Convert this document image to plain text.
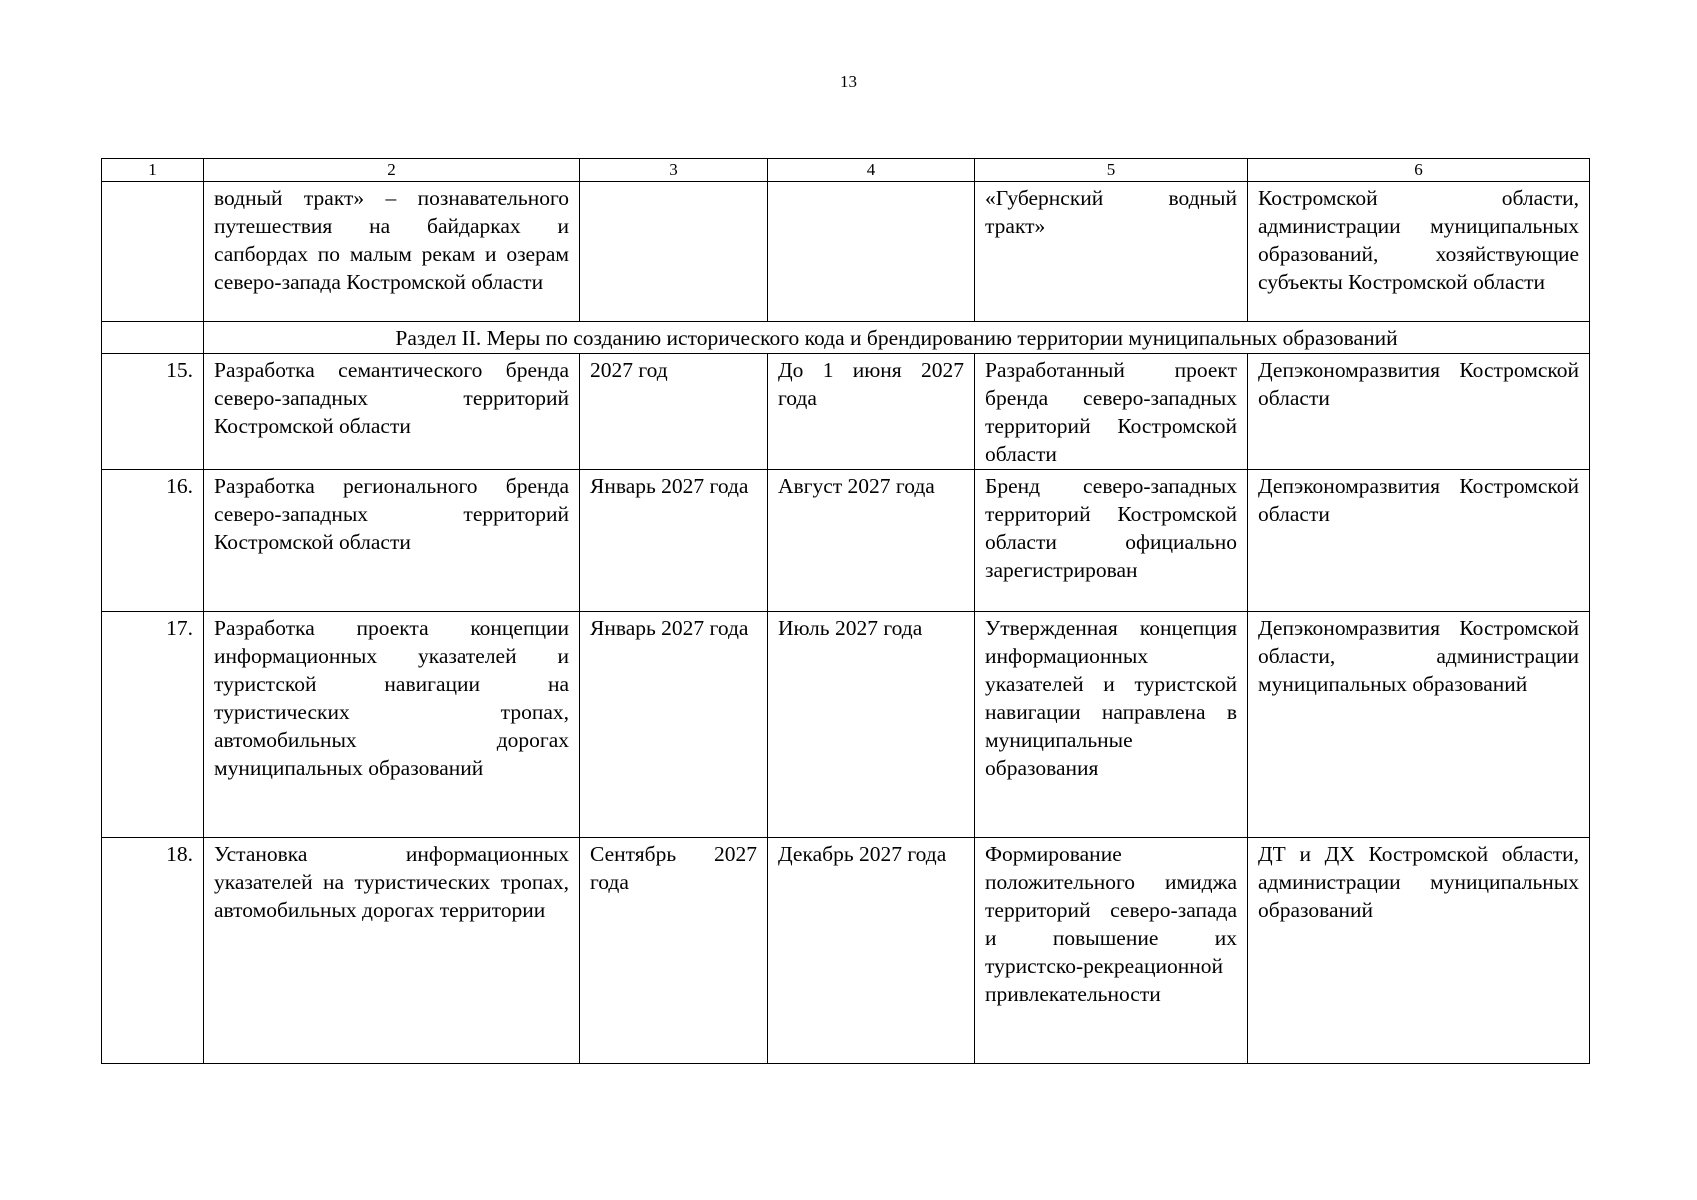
13
1	2	3	4	5	6
	водный тракт» – познавательного путешествия на байдарках и сапбордах по малым рекам и озерам северо-запада Костромской области			«Губернский водный тракт»	Костромской области, администрации муниципальных образований, хозяйствующие субъекты Костромской области
	Раздел II. Меры по созданию исторического кода и брендированию территории муниципальных образований				
15.	Разработка семантического бренда северо-западных территорий Костромской области	2027 год	До 1 июня 2027 года	Разработанный проект бренда северо-западных территорий Костромской области	Депэкономразвития Костромской области
16.	Разработка регионального бренда северо-западных территорий Костромской области	Январь 2027 года	Август 2027 года	Бренд северо-западных территорий Костромской области официально зарегистрирован	Депэкономразвития Костромской области
17.	Разработка проекта концепции информационных указателей и туристской навигации на туристических тропах, автомобильных дорогах муниципальных образований	Январь 2027 года	Июль 2027 года	Утвержденная концепция информационных указателей и туристской навигации направлена в муниципальные образования	Депэкономразвития Костромской области, администрации муниципальных образований
18.	Установка информационных указателей на туристических тропах, автомобильных дорогах территории	Сентябрь 2027 года	Декабрь 2027 года	Формирование положительного имиджа территорий северо-запада и повышение их туристско-рекреационной привлекательности	ДТ и ДХ Костромской области, администрации муниципальных образований
